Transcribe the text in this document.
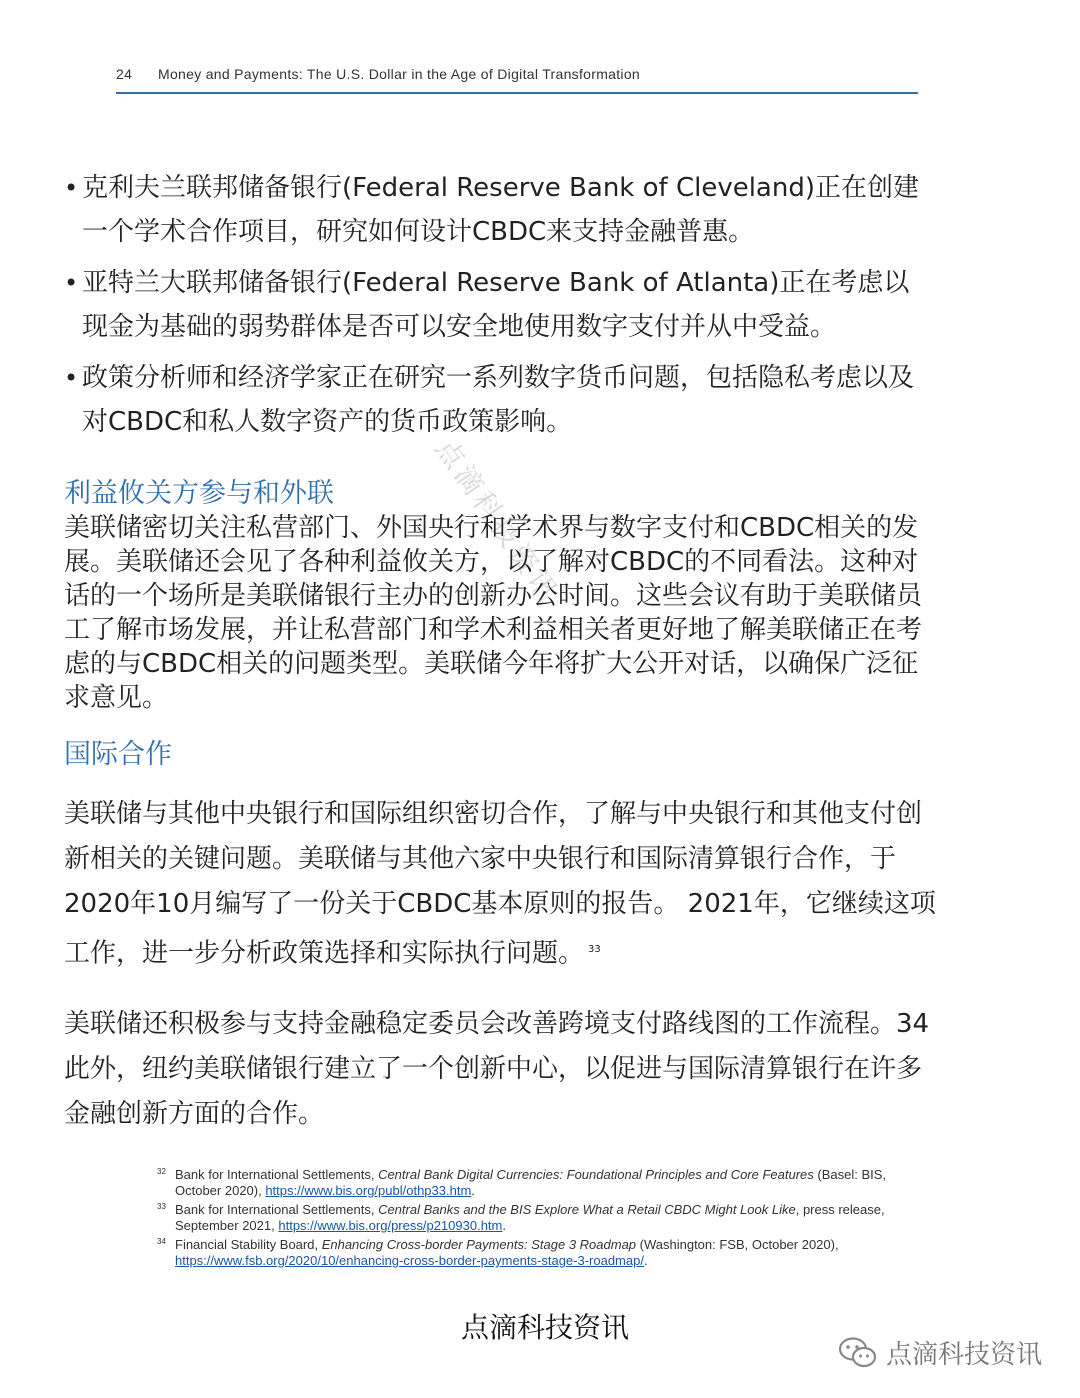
24 Money and Payments: The U.S. Dollar in the Age of Digital Transformation
点滴科技资讯
• 克利夫兰联邦储备银行(Federal Reserve Bank of Cleveland)正在创建一个学术合作项目，研究如何设计CBDC来支持金融普惠。
• 亚特兰大联邦储备银行(Federal Reserve Bank of Atlanta)正在考虑以现金为基础的弱势群体是否可以安全地使用数字支付并从中受益。
• 政策分析师和经济学家正在研究一系列数字货币问题，包括隐私考虑以及对CBDC和私人数字资产的货币政策影响。
利益攸关方参与和外联
美联储密切关注私营部门、外国央行和学术界与数字支付和CBDC相关的发展。美联储还会见了各种利益攸关方，以了解对CBDC的不同看法。这种对话的一个场所是美联储银行主办的创新办公时间。这些会议有助于美联储员工了解市场发展，并让私营部门和学术利益相关者更好地了解美联储正在考虑的与CBDC相关的问题类型。美联储今年将扩大公开对话，以确保广泛征求意见。
国际合作
美联储与其他中央银行和国际组织密切合作，了解与中央银行和其他支付创新相关的关键问题。美联储与其他六家中央银行和国际清算银行合作，于2020年10月编写了一份关于CBDC基本原则的报告。 2021年，它继续这项工作，进一步分析政策选择和实际执行问题。 $^{33}$
美联储还积极参与支持金融稳定委员会改善跨境支付路线图的工作流程。34此外，纽约美联储银行建立了一个创新中心，以促进与国际清算银行在许多金融创新方面的合作。
32 Bank for International Settlements, Central Bank Digital Currencies: Foundational Principles and Core Features (Basel: BIS, October 2020), https://www.bis.org/publ/othp33.htm.
33 Bank for International Settlements, Central Banks and the BIS Explore What a Retail CBDC Might Look Like, press release, September 2021, https://www.bis.org/press/p210930.htm.
34 Financial Stability Board, Enhancing Cross-border Payments: Stage 3 Roadmap (Washington: FSB, October 2020), https://www.fsb.org/2020/10/enhancing-cross-border-payments-stage-3-roadmap/.
点滴科技资讯
点滴科技资讯
